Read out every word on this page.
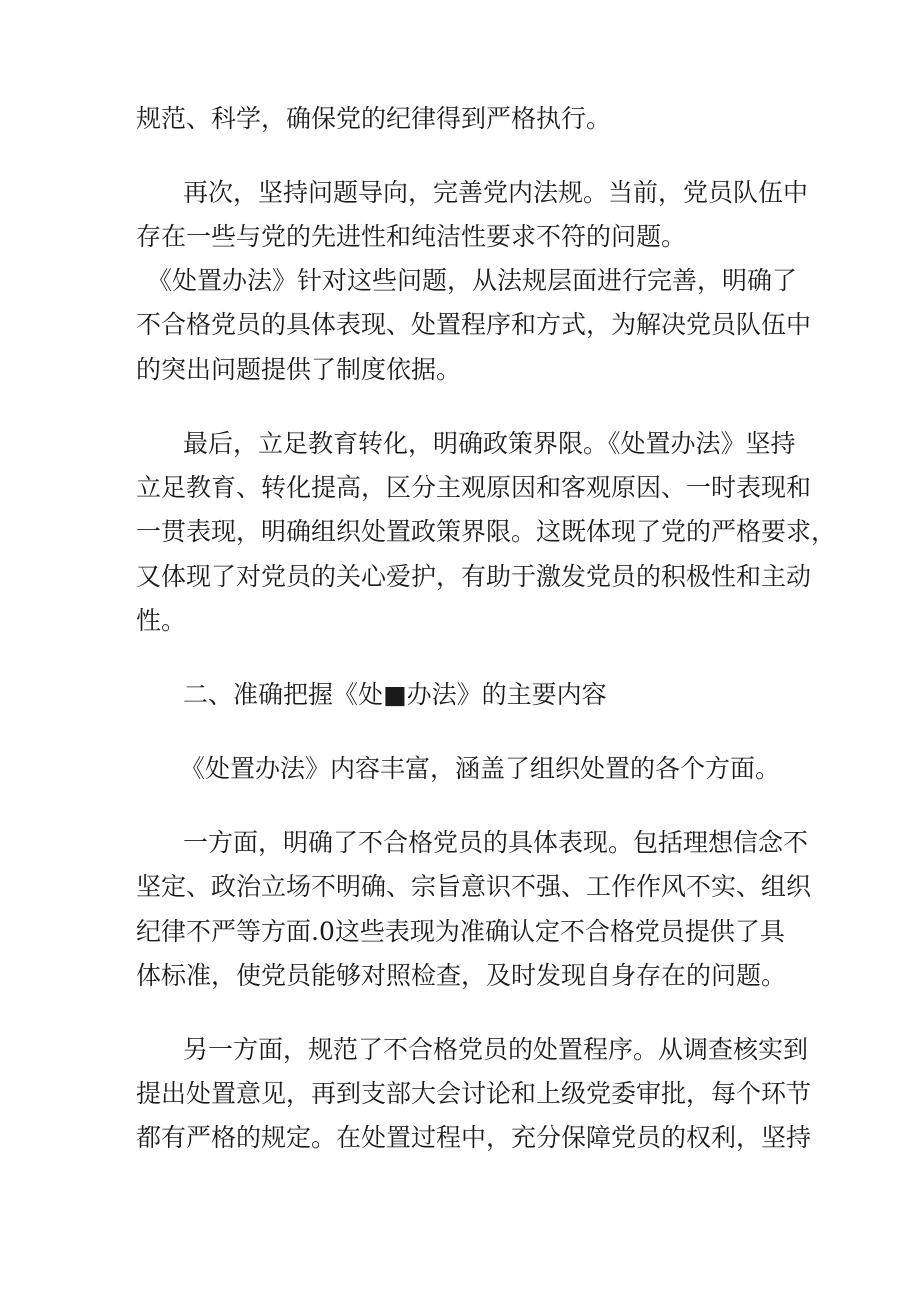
规范、科学，确保党的纪律得到严格执行。

再次，坚持问题导向，完善党内法规。当前，党员队伍中

存在一些与党的先进性和纯洁性要求不符的问题。

《处置办法》针对这些问题，从法规层面进行完善，明确了

不合格党员的具体表现、处置程序和方式，为解决党员队伍中

的突出问题提供了制度依据。

最后，立足教育转化，明确政策界限。《处置办法》坚持

立足教育、转化提高，区分主观原因和客观原因、一时表现和

一贯表现，明确组织处置政策界限。这既体现了党的严格要求，

又体现了对党员的关心爱护，有助于激发党员的积极性和主动

性。

二、准确把握《处■办法》的主要内容

《处置办法》内容丰富，涵盖了组织处置的各个方面。

一方面，明确了不合格党员的具体表现。包括理想信念不

坚定、政治立场不明确、宗旨意识不强、工作作风不实、组织

纪律不严等方面.0这些表现为准确认定不合格党员提供了具

体标准，使党员能够对照检查，及时发现自身存在的问题。

另一方面，规范了不合格党员的处置程序。从调查核实到

提出处置意见，再到支部大会讨论和上级党委审批，每个环节

都有严格的规定。在处置过程中，充分保障党员的权利，坚持
